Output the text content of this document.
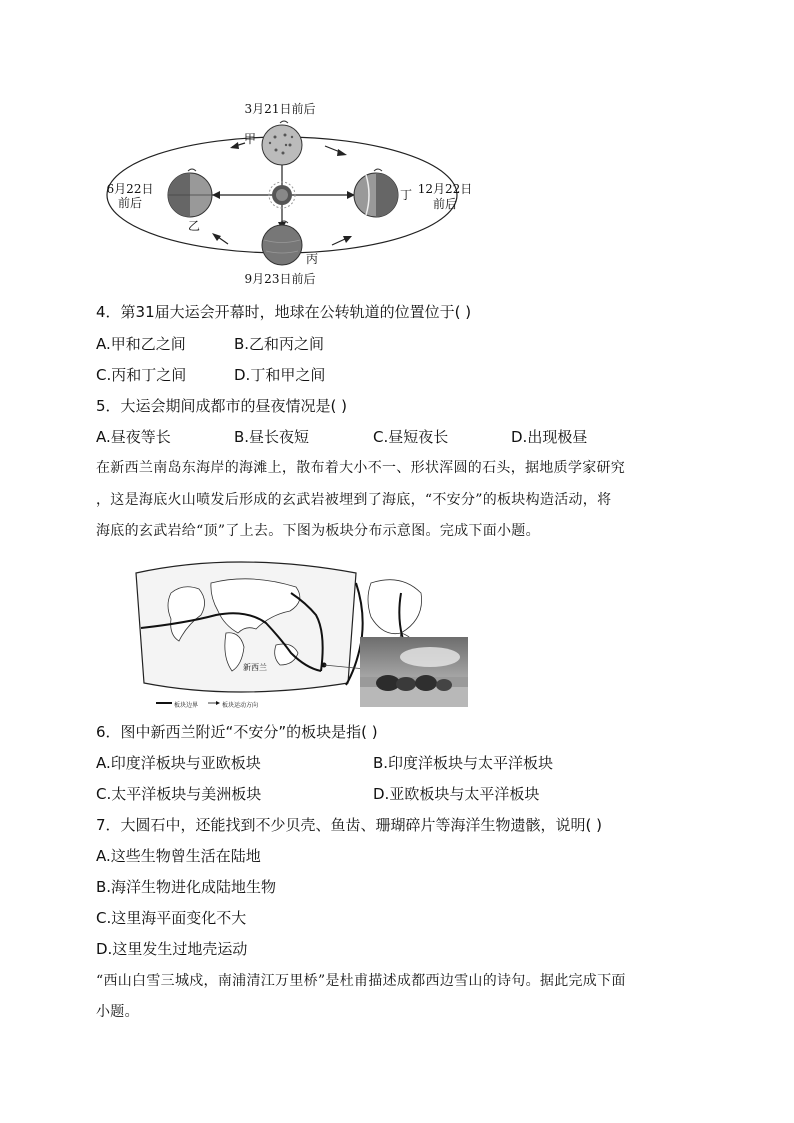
3月21日前后
甲
6月22日
前后
乙
丁 12月22日
前后
丙
9月23日前后
4．第31届大运会开幕时，地球在公转轨道的位置位于( )
A.甲和乙之间	B.乙和丙之间
C.丙和丁之间	D.丁和甲之间
5．大运会期间成都市的昼夜情况是( )
A.昼夜等长	B.昼长夜短	C.昼短夜长	D.出现极昼
在新西兰南岛东海岸的海滩上，散布着大小不一、形状浑圆的石头，据地质学家研究
，这是海底火山喷发后形成的玄武岩被埋到了海底，“不安分”的板块构造活动，将
海底的玄武岩给“顶”了上去。下图为板块分布示意图。完成下面小题。
新西兰
板块边界	板块运动方向
6．图中新西兰附近“不安分”的板块是指( )
A.印度洋板块与亚欧板块	B.印度洋板块与太平洋板块
C.太平洋板块与美洲板块	D.亚欧板块与太平洋板块
7．大圆石中，还能找到不少贝壳、鱼齿、珊瑚碎片等海洋生物遗骸，说明( )
A.这些生物曾生活在陆地
B.海洋生物进化成陆地生物
C.这里海平面变化不大
D.这里发生过地壳运动
“西山白雪三城戍，南浦清江万里桥”是杜甫描述成都西边雪山的诗句。据此完成下面
小题。
